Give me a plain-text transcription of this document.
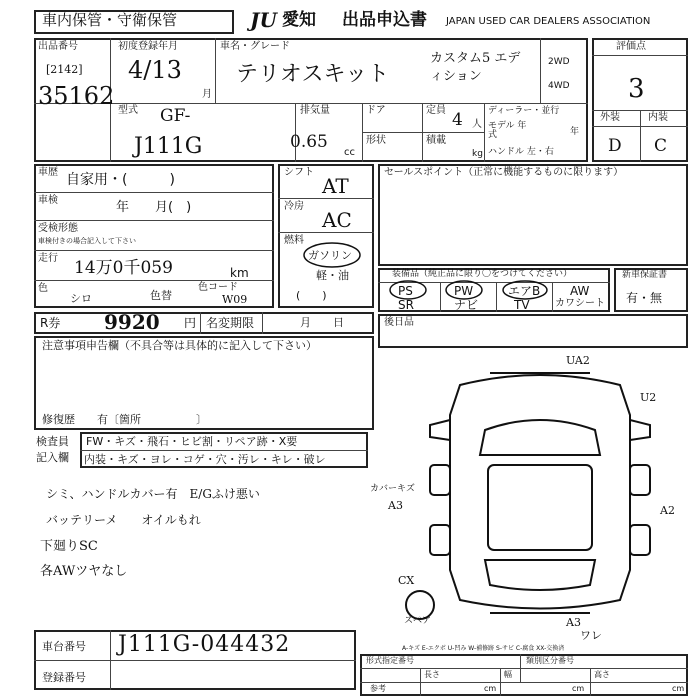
車内保管・守衛保管	JU 愛知 出品申込書 JAPAN USED CAR DEALERS ASSOCIATION
出品番号
[2142]
35162
初度登録年月
4/13
月
車名・グレード
テリオスキット
カスタム5 エディション
2WD
4WD
型式 GF-
J111G
排気量
0.65
cc
ドア
形状
定員 4 人
積載
kg
ディーラー・並行
モデル 年式	年
ハンドル 左・右
評価点
3
外装	内装
D C
車歴 自家用・(　　　)
車検	年　　月(　)
受検形態
車検付きの場合記入して下さい
走行 14万0千059	km
色
シロ	色替
色コード
W09
シフト
AT
冷房
AC
燃料
ガソリン
軽・油
(　　)
セールスポイント（正常に機能するものに限ります）
装備品（純正品に限り〇をつけてください）
PS	PW	エアB AW
SR	ナビ	TV	カワシート
新車保証書
有・無
R券 9920 円 名変期限	月　　日	後日品
注意事項申告欄（不具合等は具体的に記入して下さい）
修復歴　　有〔箇所　　　　　〕
検査員
記入欄
FW・キズ・飛石・ヒビ割・リペア跡・X要
内装・キズ・ヨレ・コゲ・穴・汚レ・キレ・破レ
シミ、ハンドルカバー有　E/Gふけ悪い
バッテリーメ　　オイルもれ
下廻りSC
各AWツヤなし
UA2
U2
カバーキズ
A3	A2
CX
A3
ワレ
スペア
A-キズ E-エクボ U-凹み W-補修跡 S-サビ C-腐食 XX-交換済
車台番号 J111G-044432
登録番号
形式指定番号	類別区分番号
長さ	幅	高さ
参考	cm	cm	cm
